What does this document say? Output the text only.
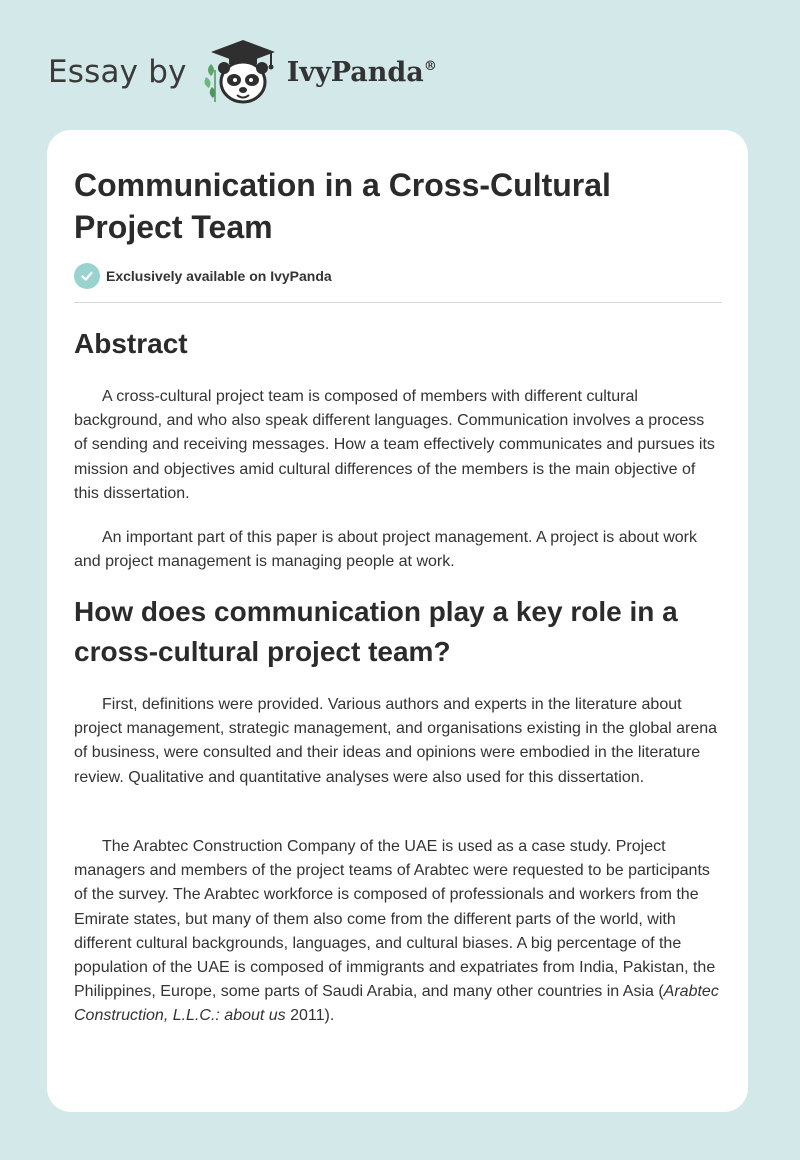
Essay by	IvyPanda®
Communication in a Cross-Cultural Project Team
Exclusively available on IvyPanda
Abstract

A cross-cultural project team is composed of members with different cultural background, and who also speak different languages. Communication involves a process of sending and receiving messages. How a team effectively communicates and pursues its mission and objectives amid cultural differences of the members is the main objective of this dissertation.

An important part of this paper is about project management. A project is about work and project management is managing people at work.

How does communication play a key role in a cross-cultural project team?

First, definitions were provided. Various authors and experts in the literature about project management, strategic management, and organisations existing in the global arena of business, were consulted and their ideas and opinions were embodied in the literature review. Qualitative and quantitative analyses were also used for this dissertation.

The Arabtec Construction Company of the UAE is used as a case study. Project managers and members of the project teams of Arabtec were requested to be participants of the survey. The Arabtec workforce is composed of professionals and workers from the Emirate states, but many of them also come from the different parts of the world, with different cultural backgrounds, languages, and cultural biases. A big percentage of the population of the UAE is composed of immigrants and expatriates from India, Pakistan, the Philippines, Europe, some parts of Saudi Arabia, and many other countries in Asia (Arabtec Construction, L.L.C.: about us 2011).
